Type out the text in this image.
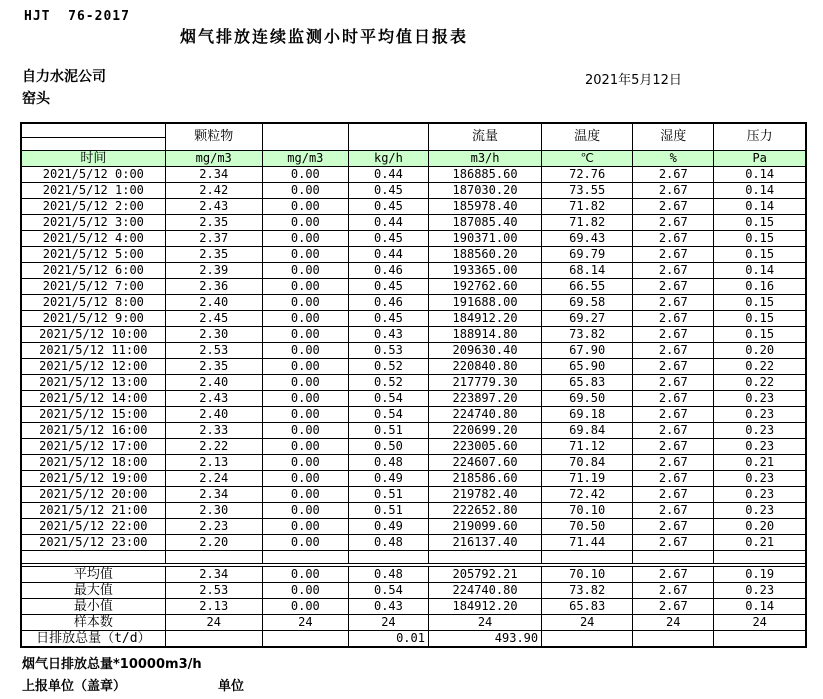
HJT  76-2017
烟气排放连续监测小时平均值日报表
自力水泥公司	2021年5月12日
窑头
	颗粒物			流量	温度	湿度	压力

时间	mg/m3	mg/m3	kg/h	m3/h	℃	%	Pa
2021/5/12 0:00	2.34	0.00	0.44	186885.60	72.76	2.67	0.14
2021/5/12 1:00	2.42	0.00	0.45	187030.20	73.55	2.67	0.14
2021/5/12 2:00	2.43	0.00	0.45	185978.40	71.82	2.67	0.14
2021/5/12 3:00	2.35	0.00	0.44	187085.40	71.82	2.67	0.15
2021/5/12 4:00	2.37	0.00	0.45	190371.00	69.43	2.67	0.15
2021/5/12 5:00	2.35	0.00	0.44	188560.20	69.79	2.67	0.15
2021/5/12 6:00	2.39	0.00	0.46	193365.00	68.14	2.67	0.14
2021/5/12 7:00	2.36	0.00	0.45	192762.60	66.55	2.67	0.16
2021/5/12 8:00	2.40	0.00	0.46	191688.00	69.58	2.67	0.15
2021/5/12 9:00	2.45	0.00	0.45	184912.20	69.27	2.67	0.15
2021/5/12 10:00	2.30	0.00	0.43	188914.80	73.82	2.67	0.15
2021/5/12 11:00	2.53	0.00	0.53	209630.40	67.90	2.67	0.20
2021/5/12 12:00	2.35	0.00	0.52	220840.80	65.90	2.67	0.22
2021/5/12 13:00	2.40	0.00	0.52	217779.30	65.83	2.67	0.22
2021/5/12 14:00	2.43	0.00	0.54	223897.20	69.50	2.67	0.23
2021/5/12 15:00	2.40	0.00	0.54	224740.80	69.18	2.67	0.23
2021/5/12 16:00	2.33	0.00	0.51	220699.20	69.84	2.67	0.23
2021/5/12 17:00	2.22	0.00	0.50	223005.60	71.12	2.67	0.23
2021/5/12 18:00	2.13	0.00	0.48	224607.60	70.84	2.67	0.21
2021/5/12 19:00	2.24	0.00	0.49	218586.60	71.19	2.67	0.23
2021/5/12 20:00	2.34	0.00	0.51	219782.40	72.42	2.67	0.23
2021/5/12 21:00	2.30	0.00	0.51	222652.80	70.10	2.67	0.23
2021/5/12 22:00	2.23	0.00	0.49	219099.60	70.50	2.67	0.20
2021/5/12 23:00	2.20	0.00	0.48	216137.40	71.44	2.67	0.21

平均值	2.34	0.00	0.48	205792.21	70.10	2.67	0.19
最大值	2.53	0.00	0.54	224740.80	73.82	2.67	0.23
最小值	2.13	0.00	0.43	184912.20	65.83	2.67	0.14
样本数	24	24	24	24	24	24	24
日排放总量（t/d）			0.01	493.90			
烟气日排放总量*10000m3/h
上报单位（盖章）	单位
